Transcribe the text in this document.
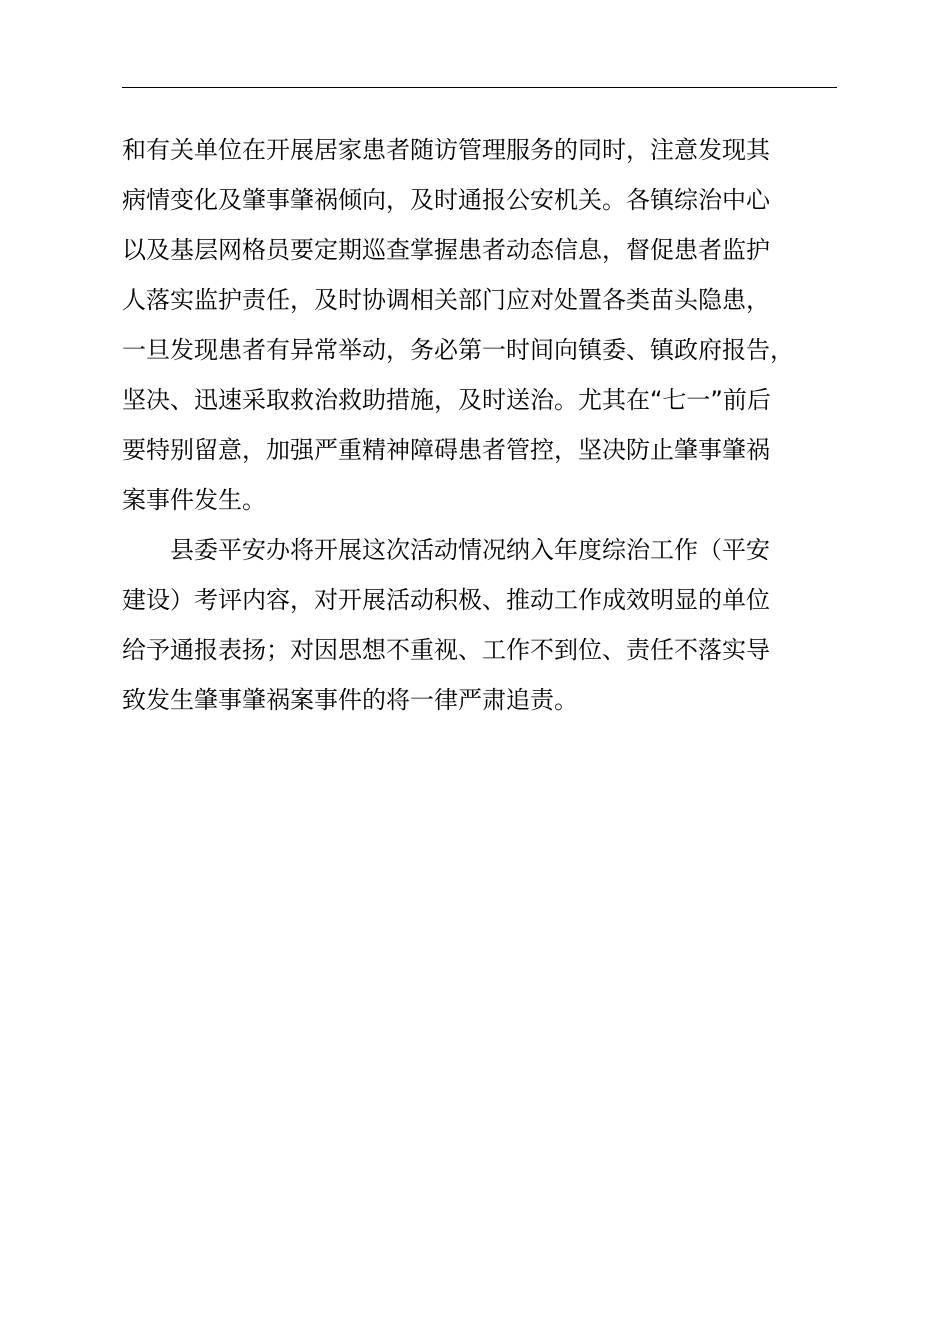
和有关单位在开展居家患者随访管理服务的同时，注意发现其
病情变化及肇事肇祸倾向，及时通报公安机关。各镇综治中心
以及基层网格员要定期巡查掌握患者动态信息，督促患者监护
人落实监护责任，及时协调相关部门应对处置各类苗头隐患，
一旦发现患者有异常举动，务必第一时间向镇委、镇政府报告，
坚决、迅速采取救治救助措施，及时送治。尤其在“七一”前后
要特别留意，加强严重精神障碍患者管控，坚决防止肇事肇祸
案事件发生。
县委平安办将开展这次活动情况纳入年度综治工作（平安
建设）考评内容，对开展活动积极、推动工作成效明显的单位
给予通报表扬；对因思想不重视、工作不到位、责任不落实导
致发生肇事肇祸案事件的将一律严肃追责。
